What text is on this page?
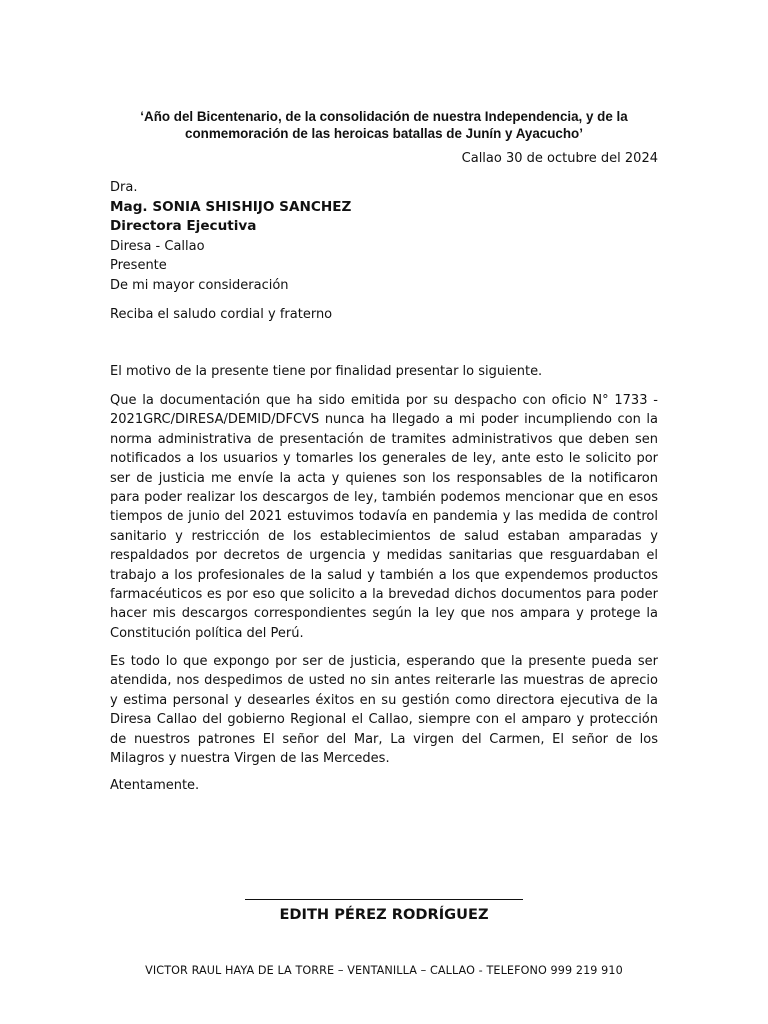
‘Año del Bicentenario, de la consolidación de nuestra Independencia, y de la conmemoración de las heroicas batallas de Junín y Ayacucho’
Callao 30 de octubre del 2024
Dra.
Mag. SONIA SHISHIJO SANCHEZ
Directora Ejecutiva
Diresa - Callao
Presente
De mi mayor consideración
Reciba el saludo cordial y fraterno
El motivo de la presente tiene por finalidad presentar lo siguiente.
Que la documentación que ha sido emitida por su despacho con oficio N° 1733 - 2021GRC/DIRESA/DEMID/DFCVS nunca ha llegado a mi poder incumpliendo con la norma administrativa de presentación de tramites administrativos que deben sen notificados a los usuarios y tomarles los generales de ley, ante esto le solicito por ser de justicia me envíe la acta y quienes son los responsables de la notificaron para poder realizar los descargos de ley, también podemos mencionar que en esos tiempos de junio del 2021 estuvimos todavía en pandemia y las medida de control sanitario y restricción de los establecimientos de salud estaban amparadas y respaldados por decretos de urgencia y medidas sanitarias que resguardaban el trabajo a los profesionales de la salud y también a los que expendemos productos farmacéuticos es por eso que solicito a la brevedad dichos documentos para poder hacer mis descargos correspondientes según la ley que nos ampara y protege la Constitución política del Perú.
Es todo lo que expongo por ser de justicia, esperando que la presente pueda ser atendida, nos despedimos de usted no sin antes reiterarle las muestras de aprecio y estima personal y desearles éxitos en su gestión como directora ejecutiva de la Diresa Callao del gobierno Regional el Callao, siempre con el amparo y protección de nuestros patrones El señor del Mar, La virgen del Carmen, El señor de los Milagros y nuestra Virgen de las Mercedes.
Atentamente.
EDITH PÉREZ RODRÍGUEZ
VICTOR RAUL HAYA DE LA TORRE – VENTANILLA – CALLAO - TELEFONO 999 219 910
